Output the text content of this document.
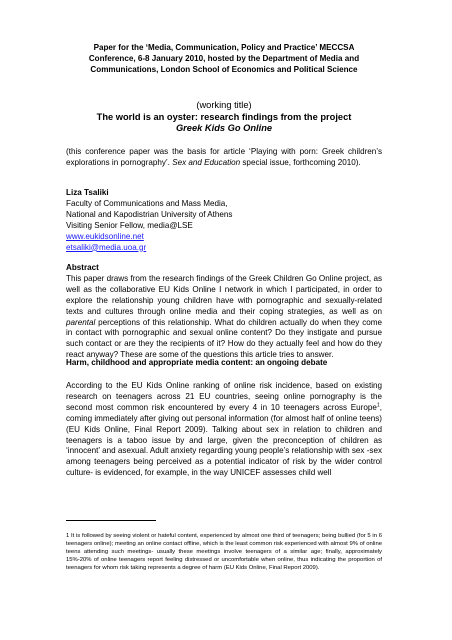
Paper for the ‘Media, Communication, Policy and Practice’ MECCSA
Conference, 6-8 January 2010, hosted by the Department of Media and
Communications, London School of Economics and Political Science
(working title)
The world is an oyster: research findings from the project
Greek Kids Go Online

(this conference paper was the basis for article ‘Playing with porn: Greek children’s explorations in pornography’. Sex and Education special issue, forthcoming 2010).

Liza Tsaliki
Faculty of Communications and Mass Media,
National and Kapodistrian University of Athens
Visiting Senior Fellow, media@LSE
www.eukidsonline.net
etsaliki@media.uoa.gr
Abstract

This paper draws from the research findings of the Greek Children Go Online project, as well as the collaborative EU Kids Online I network in which I participated, in order to explore the relationship young children have with pornographic and sexually-related texts and cultures through online media and their coping strategies, as well as on parental perceptions of this relationship. What do children actually do when they come in contact with pornographic and sexual online content? Do they instigate and pursue such contact or are they the recipients of it? How do they actually feel and how do they react anyway? These are some of the questions this article tries to answer.

Harm, childhood and appropriate media content: an ongoing debate

According to the EU Kids Online ranking of online risk incidence, based on existing research on teenagers across 21 EU countries, seeing online pornography is the second most common risk encountered by every 4 in 10 teenagers across Europe$^1$, coming immediately after giving out personal information (for almost half of online teens) (EU Kids Online, Final Report 2009). Talking about sex in relation to children and teenagers is a taboo issue by and large, given the preconception of children as ‘innocent’ and asexual. Adult anxiety regarding young people’s relationship with sex -sex among teenagers being perceived as a potential indicator of risk by the wider control culture- is evidenced, for example, in the way UNICEF assesses child well

1 It is followed by seeing violent or hateful content, experienced by almost one third of teenagers; being bullied (for 5 in 6 teenagers online); meeting an online contact offline, which is the least common risk experienced with almost 9% of online teens attending such meetings- usually these meetings involve teenagers of a similar age; finally, approximately 15%-20% of online teenagers report feeling distressed or uncomfortable when online, thus indicating the proportion of teenagers for whom risk taking represents a degree of harm (EU Kids Online, Final Report 2009).
